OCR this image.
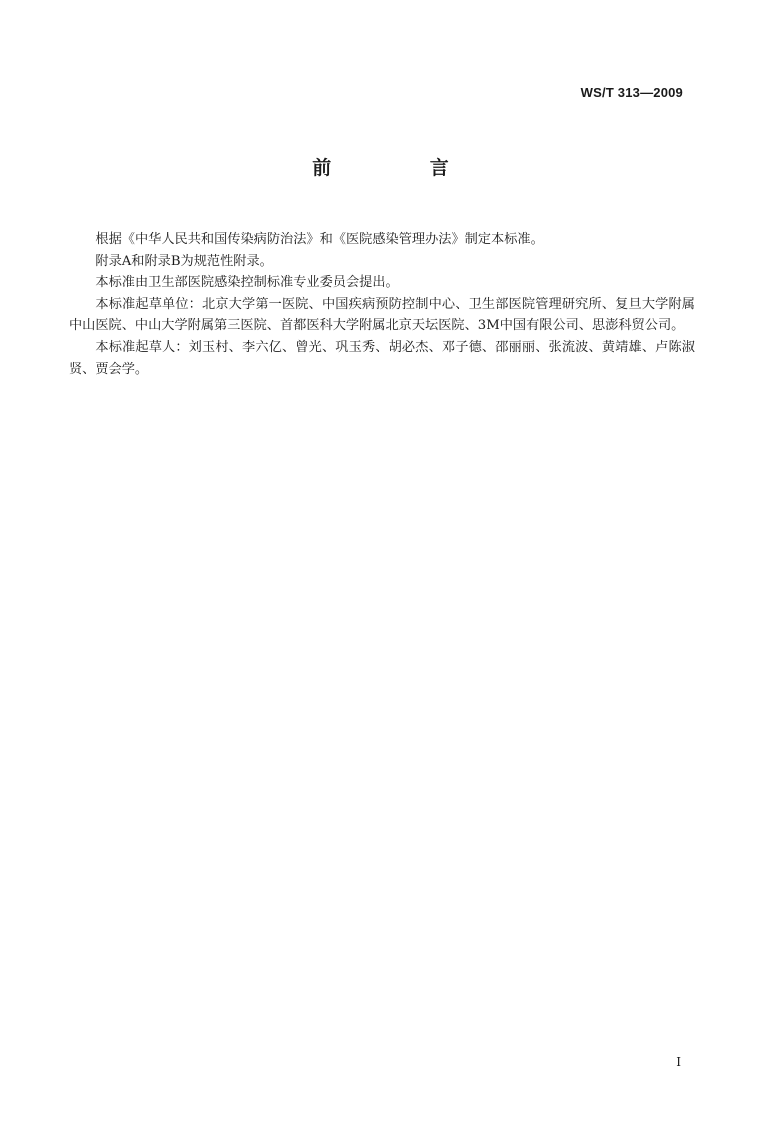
WS/T 313—2009
前 言

根据《中华人民共和国传染病防治法》和《医院感染管理办法》制定本标准。

附录A和附录B为规范性附录。

本标准由卫生部医院感染控制标准专业委员会提出。

本标准起草单位：北京大学第一医院、中国疾病预防控制中心、卫生部医院管理研究所、复旦大学附属中山医院、中山大学附属第三医院、首都医科大学附属北京天坛医院、3M中国有限公司、思澎科贸公司。

本标准起草人：刘玉村、李六亿、曾光、巩玉秀、胡必杰、邓子德、邵丽丽、张流波、黄靖雄、卢陈淑贤、贾会学。

I
